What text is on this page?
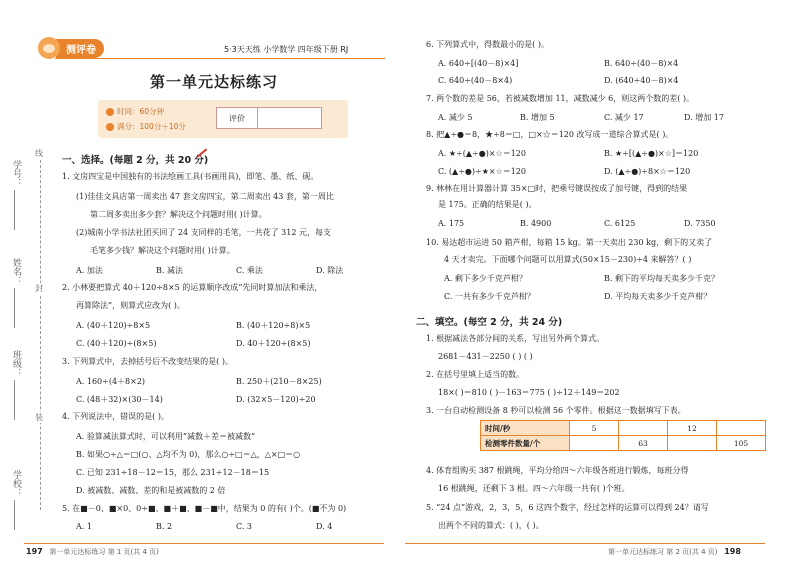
线
封
装
学号：
姓名：
班级：
学校：
测评卷	5·3天天练 小学数学 四年级下册 RJ
第一单元达标练习
时间：60分钟
满分：100分＋10分
评价
一、选择。(每题 2 分，共 20 分)
1. 文房四宝是中国独有的书法绘画工具(书画用具)，即笔、墨、纸、砚。
(1)佳佳文具店第一周卖出 47 套文房四宝，第二周卖出 43 套，第一周比
第二周多卖出多少套？解决这个问题时用( )计算。
(2)城南小学书法社团买回了 24 支同样的毛笔，一共花了 312 元，每支
毛笔多少钱？解决这个问题时用( )计算。
A. 加法	B. 减法	C. 乘法	D. 除法
2. 小林要把算式 40＋120÷8×5 的运算顺序改成“先同时算加法和乘法，
再算除法”，则算式应改为( )。
A. (40＋120)÷8×5	B. (40＋120÷8)×5
C. (40＋120)÷(8×5)	D. 40＋120÷(8×5)
3. 下列算式中，去掉括号后不改变结果的是( )。
A. 160÷(4＋8×2)	B. 250＋(210－8×25)
C. (48＋32)×(30－14)	D. (32×5－120)÷20
4. 下列说法中，错误的是( )。
A. 验算减法算式时，可以利用“减数＋差＝被减数”
B. 如果○÷△＝□(○、△均不为 0)，那么○÷□＝△，△×□＝○
C. 已知 231÷18－12＝15，那么 231÷12－18＝15
D. 被减数、减数、差的和是被减数的 2 倍
5. 在■－0、■×0、0÷■、■＋■、■－■中，结果为 0 的有( )个。(■不为 0)
A. 1	B. 2	C. 3	D. 4
6. 下列算式中，得数最小的是( )。
A. 640÷[(40－8)×4]	B. 640÷(40－8)×4
C. 640÷(40－8×4)	D. (640÷40－8)×4
7. 两个数的差是 56，若被减数增加 11，减数减少 6，则这两个数的差( )。
A. 减少 5	B. 增加 5	C. 减少 17	D. 增加 17
8. 把▲÷●＝8，★÷8＝□，□×☆＝120 改写成一道综合算式是( )。
A. ★÷(▲÷●)×☆＝120	B. ★÷[(▲÷●)×☆]＝120
C. (▲÷●)÷★×☆＝120	D. (▲÷●)÷8×☆＝120
9. 林林在用计算器计算 35×□时，把乘号键误按成了加号键，得到的结果
是 175。正确的结果是( )。
A. 175	B. 4900	C. 6125	D. 7350
10. 易达超市运进 50 箱芦柑，每箱 15 kg。第一天卖出 230 kg，剩下的又卖了
4 天才卖完。下面哪个问题可以用算式(50×15－230)÷4 来解答？( )
A. 剩下多少千克芦柑？	B. 剩下的平均每天卖多少千克？
C. 一共有多少千克芦柑？	D. 平均每天卖多少千克芦柑？
二、填空。(每空 2 分，共 24 分)
1. 根据减法各部分间的关系，写出另外两个算式。
2681－431－2250 ( ) ( )
2. 在括号里填上适当的数。
18×( )＝810 ( )－163＝775 ( )÷12＋149＝202
3. 一台自动检测设备 8 秒可以检测 56 个零件。根据这一数据填写下表。
时间/秒	5		12	
检测零件数量/个		63		105
4. 体育组购买 387 根跳绳，平均分给四～六年级各班进行锻炼，每班分得
16 根跳绳，还剩下 3 根。四～六年级一共有( )个班。
5. “24 点”游戏，2，3，5，6 这四个数字，经过怎样的运算可以得到 24？请写
出两个不同的算式：( )，( )。
197 第一单元达标练习 第 1 页(共 4 页)	第一单元达标练习 第 2 页(共 4 页) 198
